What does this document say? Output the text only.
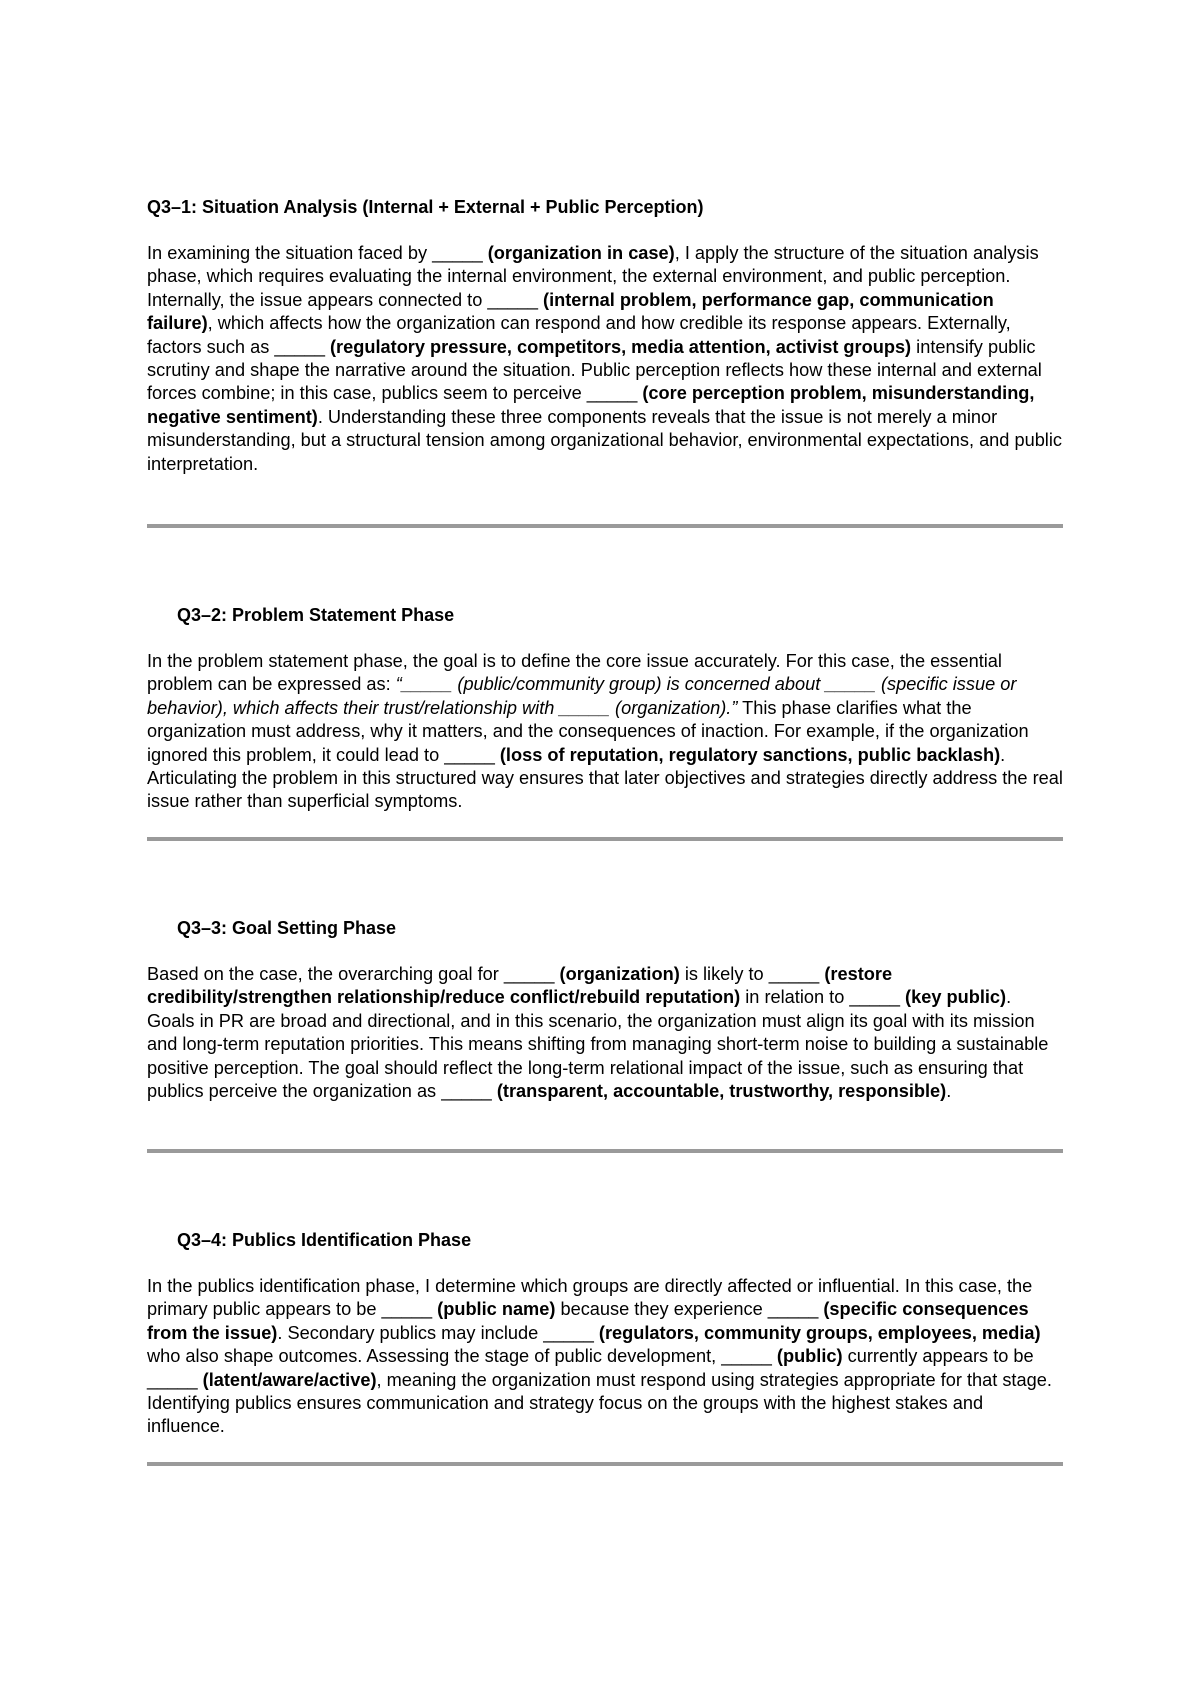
Q3–1: Situation Analysis (Internal + External + Public Perception)

In examining the situation faced by _____ (organization in case), I apply the structure of the situation analysis phase, which requires evaluating the internal environment, the external environment, and public perception. Internally, the issue appears connected to _____ (internal problem, performance gap, communication failure), which affects how the organization can respond and how credible its response appears. Externally, factors such as _____ (regulatory pressure, competitors, media attention, activist groups) intensify public scrutiny and shape the narrative around the situation. Public perception reflects how these internal and external forces combine; in this case, publics seem to perceive _____ (core perception problem, misunderstanding, negative sentiment). Understanding these three components reveals that the issue is not merely a minor misunderstanding, but a structural tension among organizational behavior, environmental expectations, and public interpretation.

Q3–2: Problem Statement Phase

In the problem statement phase, the goal is to define the core issue accurately. For this case, the essential problem can be expressed as: “_____ (public/community group) is concerned about _____ (specific issue or behavior), which affects their trust/relationship with _____ (organization).” This phase clarifies what the organization must address, why it matters, and the consequences of inaction. For example, if the organization ignored this problem, it could lead to _____ (loss of reputation, regulatory sanctions, public backlash). Articulating the problem in this structured way ensures that later objectives and strategies directly address the real issue rather than superficial symptoms.

Q3–3: Goal Setting Phase

Based on the case, the overarching goal for _____ (organization) is likely to _____ (restore credibility/strengthen relationship/reduce conflict/rebuild reputation) in relation to _____ (key public). Goals in PR are broad and directional, and in this scenario, the organization must align its goal with its mission and long-term reputation priorities. This means shifting from managing short-term noise to building a sustainable positive perception. The goal should reflect the long-term relational impact of the issue, such as ensuring that publics perceive the organization as _____ (transparent, accountable, trustworthy, responsible).

Q3–4: Publics Identification Phase

In the publics identification phase, I determine which groups are directly affected or influential. In this case, the primary public appears to be _____ (public name) because they experience _____ (specific consequences from the issue). Secondary publics may include _____ (regulators, community groups, employees, media) who also shape outcomes. Assessing the stage of public development, _____ (public) currently appears to be _____ (latent/aware/active), meaning the organization must respond using strategies appropriate for that stage. Identifying publics ensures communication and strategy focus on the groups with the highest stakes and influence.
